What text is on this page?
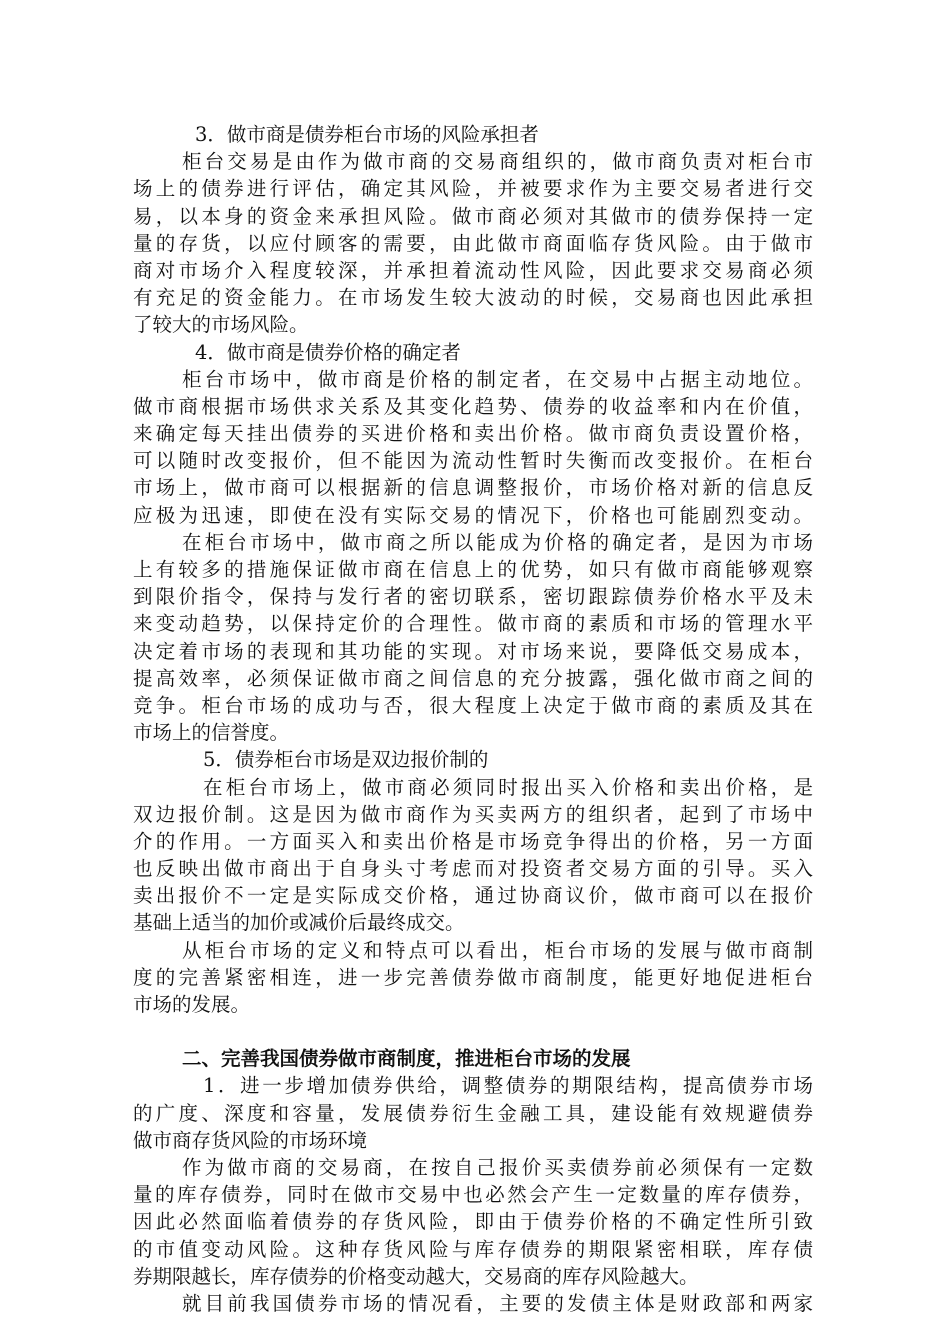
3．做市商是债券柜台市场的风险承担者
柜台交易是由作为做市商的交易商组织的，做市商负责对柜台市
场上的债券进行评估，确定其风险，并被要求作为主要交易者进行交
易，以本身的资金来承担风险。做市商必须对其做市的债券保持一定
量的存货，以应付顾客的需要，由此做市商面临存货风险。由于做市
商对市场介入程度较深，并承担着流动性风险，因此要求交易商必须
有充足的资金能力。在市场发生较大波动的时候，交易商也因此承担
了较大的市场风险。
4．做市商是债券价格的确定者
柜台市场中，做市商是价格的制定者，在交易中占据主动地位。
做市商根据市场供求关系及其变化趋势、债券的收益率和内在价值，
来确定每天挂出债券的买进价格和卖出价格。做市商负责设置价格，
可以随时改变报价，但不能因为流动性暂时失衡而改变报价。在柜台
市场上，做市商可以根据新的信息调整报价，市场价格对新的信息反
应极为迅速，即使在没有实际交易的情况下，价格也可能剧烈变动。
在柜台市场中，做市商之所以能成为价格的确定者，是因为市场
上有较多的措施保证做市商在信息上的优势，如只有做市商能够观察
到限价指令，保持与发行者的密切联系，密切跟踪债券价格水平及未
来变动趋势，以保持定价的合理性。做市商的素质和市场的管理水平
决定着市场的表现和其功能的实现。对市场来说，要降低交易成本，
提高效率，必须保证做市商之间信息的充分披露，强化做市商之间的
竞争。柜台市场的成功与否，很大程度上决定于做市商的素质及其在
市场上的信誉度。
5．债券柜台市场是双边报价制的
在柜台市场上，做市商必须同时报出买入价格和卖出价格，是
双边报价制。这是因为做市商作为买卖两方的组织者，起到了市场中
介的作用。一方面买入和卖出价格是市场竞争得出的价格，另一方面
也反映出做市商出于自身头寸考虑而对投资者交易方面的引导。买入
卖出报价不一定是实际成交价格，通过协商议价，做市商可以在报价
基础上适当的加价或减价后最终成交。
从柜台市场的定义和特点可以看出，柜台市场的发展与做市商制
度的完善紧密相连，进一步完善债券做市商制度，能更好地促进柜台
市场的发展。
二、完善我国债券做市商制度，推进柜台市场的发展
1．进一步增加债券供给，调整债券的期限结构，提高债券市场
的广度、深度和容量，发展债券衍生金融工具，建设能有效规避债券
做市商存货风险的市场环境
作为做市商的交易商，在按自己报价买卖债券前必须保有一定数
量的库存债券，同时在做市交易中也必然会产生一定数量的库存债券，
因此必然面临着债券的存货风险，即由于债券价格的不确定性所引致
的市值变动风险。这种存货风险与库存债券的期限紧密相联，库存债
券期限越长，库存债券的价格变动越大，交易商的库存风险越大。
就目前我国债券市场的情况看，主要的发债主体是财政部和两家
